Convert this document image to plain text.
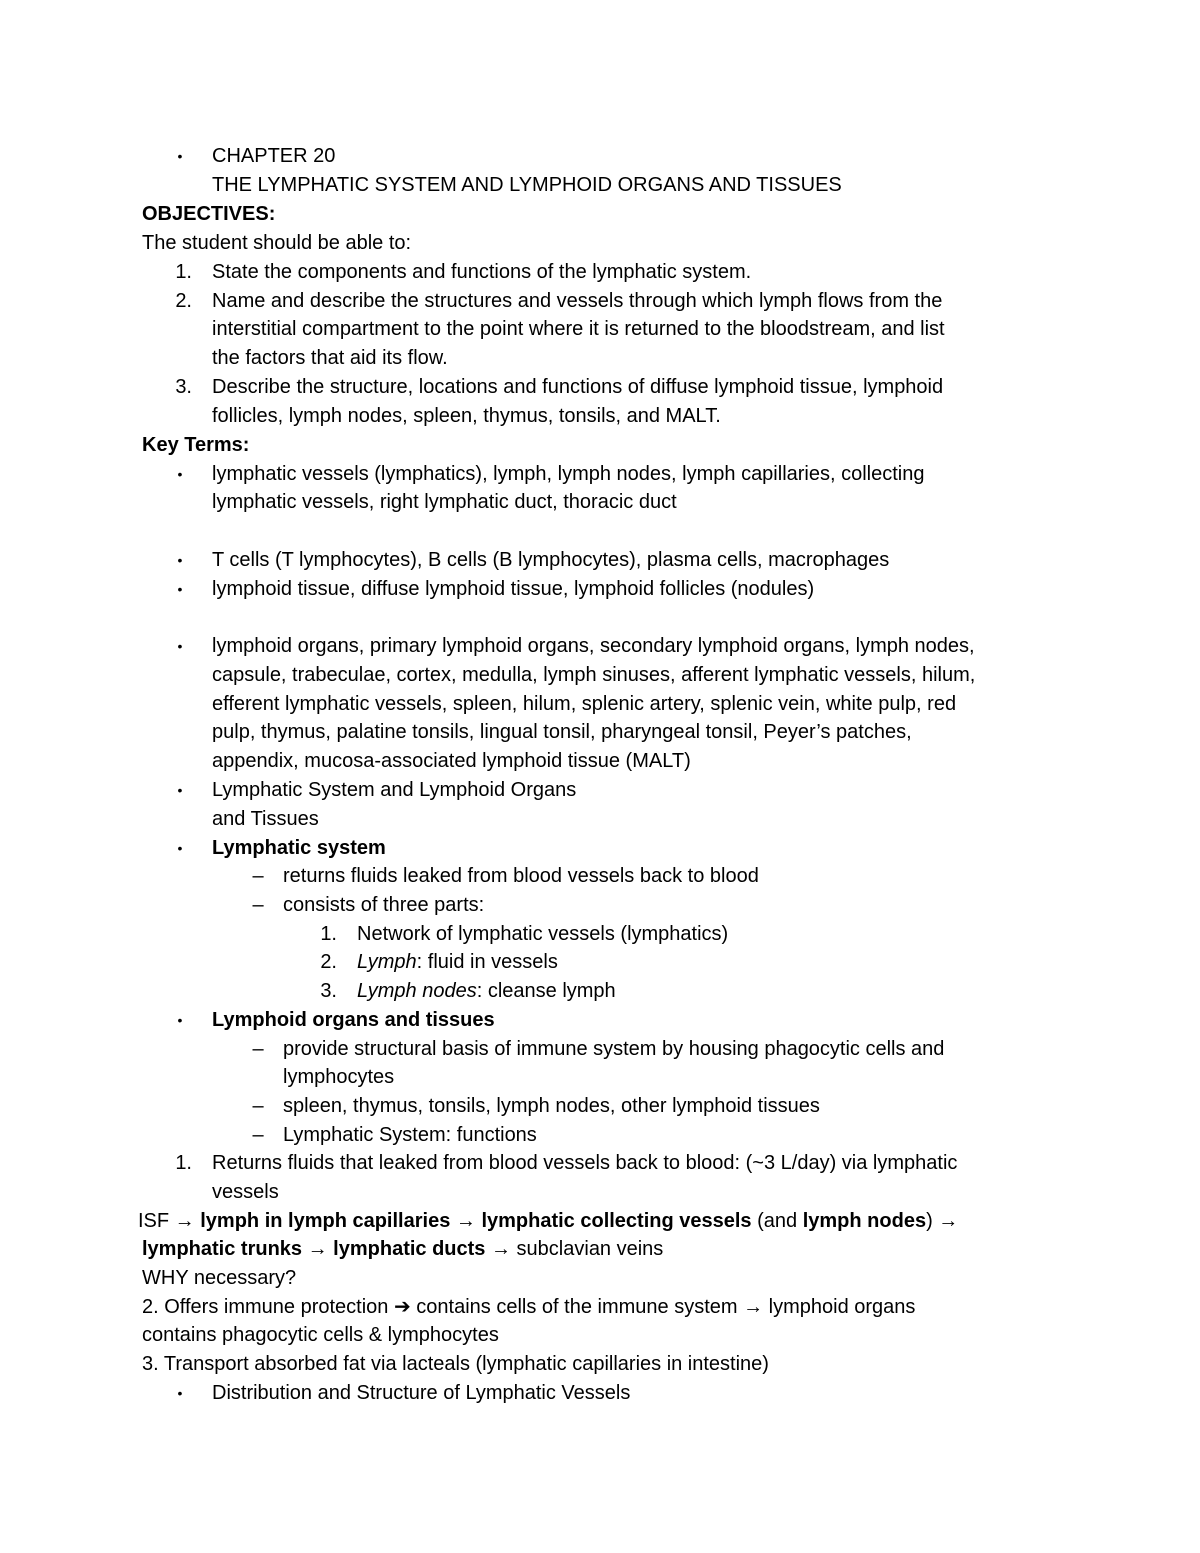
•	CHAPTER 20
THE LYMPHATIC SYSTEM AND LYMPHOID ORGANS AND TISSUES
OBJECTIVES:
The student should be able to:
1. State the components and functions of the lymphatic system.
2. Name and describe the structures and vessels through which lymph flows from the
interstitial compartment to the point where it is returned to the bloodstream, and list
the factors that aid its flow.
3. Describe the structure, locations and functions of diffuse lymphoid tissue, lymphoid
follicles, lymph nodes, spleen, thymus, tonsils, and MALT.
Key Terms:
•	lymphatic vessels (lymphatics), lymph, lymph nodes, lymph capillaries, collecting
lymphatic vessels, right lymphatic duct, thoracic duct
•	T cells (T lymphocytes), B cells (B lymphocytes), plasma cells, macrophages
•	lymphoid tissue, diffuse lymphoid tissue, lymphoid follicles (nodules)
•	lymphoid organs, primary lymphoid organs, secondary lymphoid organs, lymph nodes,
capsule, trabeculae, cortex, medulla, lymph sinuses, afferent lymphatic vessels, hilum,
efferent lymphatic vessels, spleen, hilum, splenic artery, splenic vein, white pulp, red
pulp, thymus, palatine tonsils, lingual tonsil, pharyngeal tonsil, Peyer’s patches,
appendix, mucosa-associated lymphoid tissue (MALT)
•	Lymphatic System and Lymphoid Organs
and Tissues
•	Lymphatic system
– returns fluids leaked from blood vessels back to blood
– consists of three parts:
1. Network of lymphatic vessels (lymphatics)
2. Lymph: fluid in vessels
3. Lymph nodes: cleanse lymph
•	Lymphoid organs and tissues
– provide structural basis of immune system by housing phagocytic cells and
lymphocytes
– spleen, thymus, tonsils, lymph nodes, other lymphoid tissues
– Lymphatic System: functions
1. Returns fluids that leaked from blood vessels back to blood: (~3 L/day) via lymphatic
vessels
ISF → lymph in lymph capillaries → lymphatic collecting vessels (and lymph nodes) →
lymphatic trunks → lymphatic ducts → subclavian veins
WHY necessary?
2. Offers immune protection ➔ contains cells of the immune system → lymphoid organs
contains phagocytic cells & lymphocytes
3. Transport absorbed fat via lacteals (lymphatic capillaries in intestine)
•	Distribution and Structure of Lymphatic Vessels
